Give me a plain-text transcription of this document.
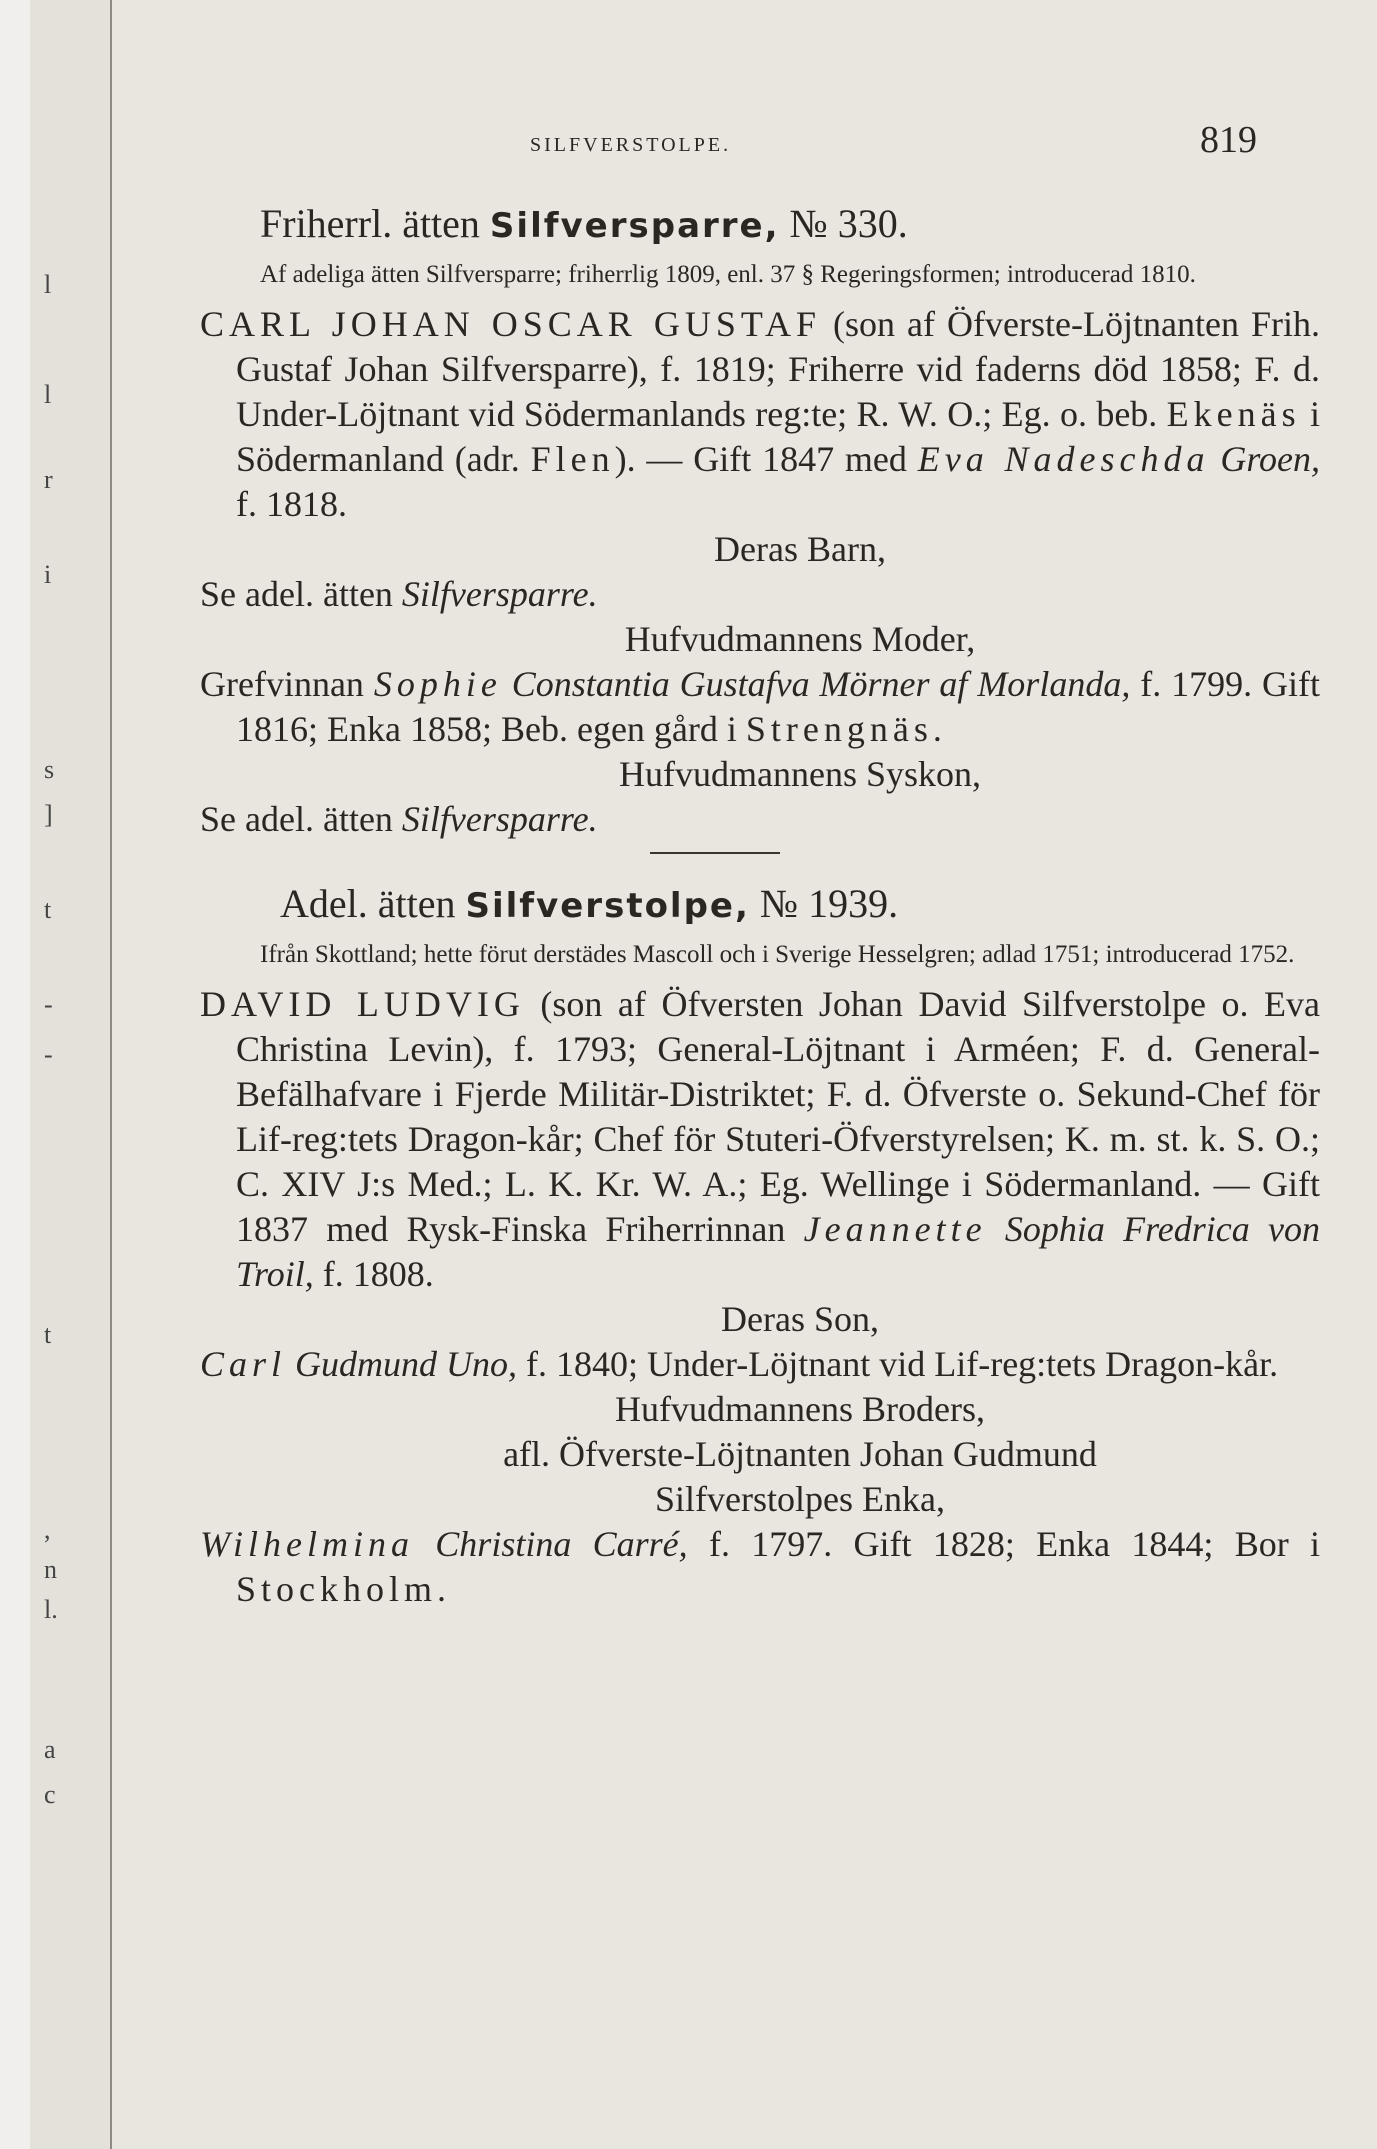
l
l
r
i
s
]
t
-
-
t
,
n
l.
a
c
SILFVERSTOLPE.	819
Friherrl. ätten Silfversparre, № 330.

Af adeliga ätten Silfversparre; friherrlig 1809, enl. 37 § Regeringsformen; introducerad 1810.

CARL JOHAN OSCAR GUSTAF (son af Öfverste-Löjtnanten Frih. Gustaf Johan Silfversparre), f. 1819; Friherre vid faderns död 1858; F. d. Under-Löjtnant vid Södermanlands reg:te; R. W. O.; Eg. o. beb. Ekenäs i Södermanland (adr. Flen). — Gift 1847 med Eva Nadeschda Groen, f. 1818.

Deras Barn,

Se adel. ätten Silfversparre.

Hufvudmannens Moder,

Grefvinnan Sophie Constantia Gustafva Mörner af Morlanda, f. 1799. Gift 1816; Enka 1858; Beb. egen gård i Strengnäs.

Hufvudmannens Syskon,

Se adel. ätten Silfversparre.

Adel. ätten Silfverstolpe, № 1939.

Ifrån Skottland; hette förut derstädes Mascoll och i Sverige Hesselgren; adlad 1751; introducerad 1752.

DAVID LUDVIG (son af Öfversten Johan David Silfverstolpe o. Eva Christina Levin), f. 1793; General-Löjtnant i Arméen; F. d. General-Befälhafvare i Fjerde Militär-Distriktet; F. d. Öfverste o. Sekund-Chef för Lif-reg:tets Dragon-kår; Chef för Stuteri-Öfverstyrelsen; K. m. st. k. S. O.; C. XIV J:s Med.; L. K. Kr. W. A.; Eg. Wellinge i Södermanland. — Gift 1837 med Rysk-Finska Friherrinnan Jeannette Sophia Fredrica von Troil, f. 1808.

Deras Son,

Carl Gudmund Uno, f. 1840; Under-Löjtnant vid Lif-reg:tets Dragon-kår.

Hufvudmannens Broders,

afl. Öfverste-Löjtnanten Johan Gudmund

Silfverstolpes Enka,

Wilhelmina Christina Carré, f. 1797. Gift 1828; Enka 1844; Bor i Stockholm.
